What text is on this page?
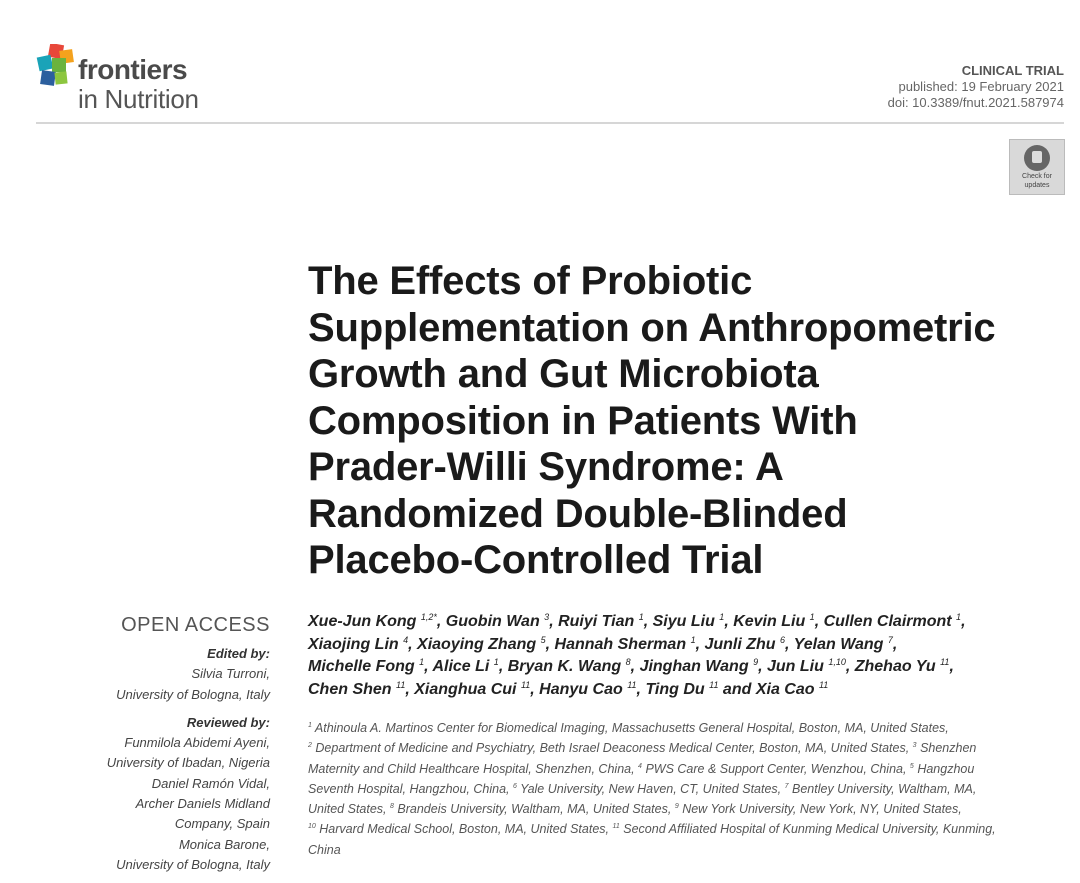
frontiers
in Nutrition
CLINICAL TRIAL
published: 19 February 2021
doi: 10.3389/fnut.2021.587974
Check for
updates
The Effects of Probiotic
Supplementation on Anthropometric
Growth and Gut Microbiota
Composition in Patients With
Prader-Willi Syndrome: A
Randomized Double-Blinded
Placebo-Controlled Trial
OPEN ACCESS
Edited by:
Silvia Turroni,
University of Bologna, Italy
Reviewed by:
Funmilola Abidemi Ayeni,
University of Ibadan, Nigeria
Daniel Ramón Vidal,
Archer Daniels Midland
Company, Spain
Monica Barone,
University of Bologna, Italy
Xue-Jun Kong $^{1,2*}$, Guobin Wan $^3$, Ruiyi Tian $^1$, Siyu Liu $^1$, Kevin Liu $^1$, Cullen Clairmont $^1$,
Xiaojing Lin $^4$, Xiaoying Zhang $^5$, Hannah Sherman $^1$, Junli Zhu $^6$, Yelan Wang $^7$,
Michelle Fong $^1$, Alice Li $^1$, Bryan K. Wang $^8$, Jinghan Wang $^9$, Jun Liu $^{1,10}$, Zhehao Yu $^{11}$,
Chen Shen $^{11}$, Xianghua Cui $^{11}$, Hanyu Cao $^{11}$, Ting Du $^{11}$ and Xia Cao $^{11}$
$^1$ Athinoula A. Martinos Center for Biomedical Imaging, Massachusetts General Hospital, Boston, MA, United States,
$^2$ Department of Medicine and Psychiatry, Beth Israel Deaconess Medical Center, Boston, MA, United States, $^3$ Shenzhen
Maternity and Child Healthcare Hospital, Shenzhen, China, $^4$ PWS Care & Support Center, Wenzhou, China, $^5$ Hangzhou
Seventh Hospital, Hangzhou, China, $^6$ Yale University, New Haven, CT, United States, $^7$ Bentley University, Waltham, MA,
United States, $^8$ Brandeis University, Waltham, MA, United States, $^9$ New York University, New York, NY, United States,
$^{10}$ Harvard Medical School, Boston, MA, United States, $^{11}$ Second Affiliated Hospital of Kunming Medical University, Kunming,
China
